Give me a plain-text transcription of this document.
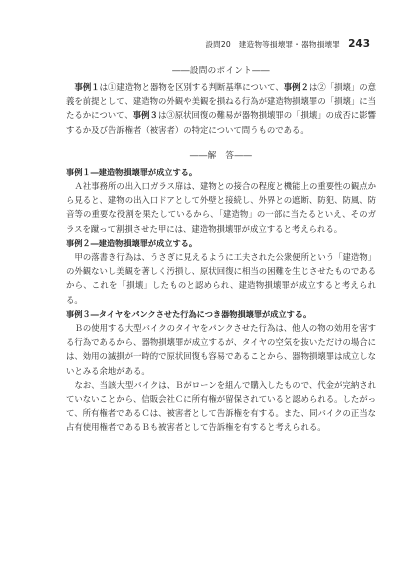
設問20　建造物等損壊罪・器物損壊罪 243
――設問のポイント――

事例１は①建造物と器物を区別する判断基準について、事例２は②「損壊」の意義を前提として、建造物の外観や美観を損ねる行為が建造物損壊罪の「損壊」に当たるかについて、事例３は③原状回復の難易が器物損壊罪の「損壊」の成否に影響するか及び告訴権者（被害者）の特定について問うものである。

――解　答――
事例１―建造物損壊罪が成立する。

Ａ社事務所の出入口ガラス扉は、建物との接合の程度と機能上の重要性の観点から見ると、建物の出入口ドアとして外壁と接続し、外界との遮断、防犯、防風、防音等の重要な役割を果たしているから、「建造物」の一部に当たるといえ、そのガラスを蹴って割損させた甲には、建造物損壊罪が成立すると考えられる。

事例２―建造物損壊罪が成立する。

甲の落書き行為は、うさぎに見えるように工夫された公衆便所という「建造物」の外観ないし美観を著しく汚損し、原状回復に相当の困難を生じさせたものであるから、これを「損壊」したものと認められ、建造物損壊罪が成立すると考えられる。

事例３―タイヤをパンクさせた行為につき器物損壊罪が成立する。

Ｂの使用する大型バイクのタイヤをパンクさせた行為は、他人の物の効用を害する行為であるから、器物損壊罪が成立するが、タイヤの空気を抜いただけの場合には、効用の滅損が一時的で原状回復も容易であることから、器物損壊罪は成立しないとみる余地がある。

なお、当該大型バイクは、Ｂがローンを組んで購入したもので、代金が完納されていないことから、信販会社Ｃに所有権が留保されていると認められる。したがって、所有権者であるＣは、被害者として告訴権を有する。また、同バイクの正当な占有使用権者であるＢも被害者として告訴権を有すると考えられる。
